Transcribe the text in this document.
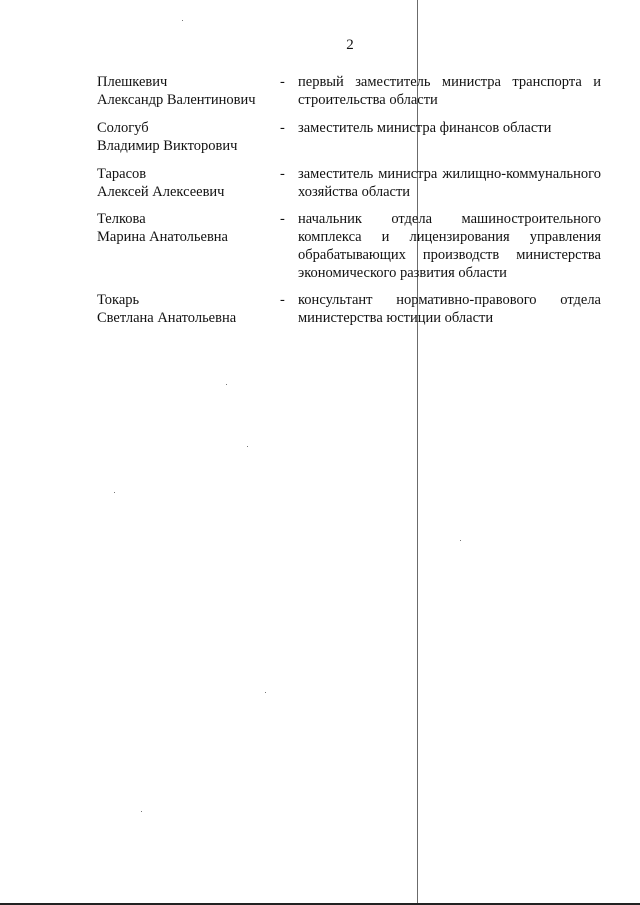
2
Плешкевич
Александр Валентинович
- первый заместитель министра транспорта и строительства области
Сологуб
Владимир Викторович
- заместитель министра финансов области
Тарасов
Алексей Алексеевич
- заместитель министра жилищно-коммунального хозяйства области
Телкова
Марина Анатольевна
- начальник отдела машиностроительного комплекса и лицензирования управления обрабатывающих производств министерства экономического развития области
Токарь
Светлана Анатольевна
- консультант нормативно-правового отдела министерства юстиции области
